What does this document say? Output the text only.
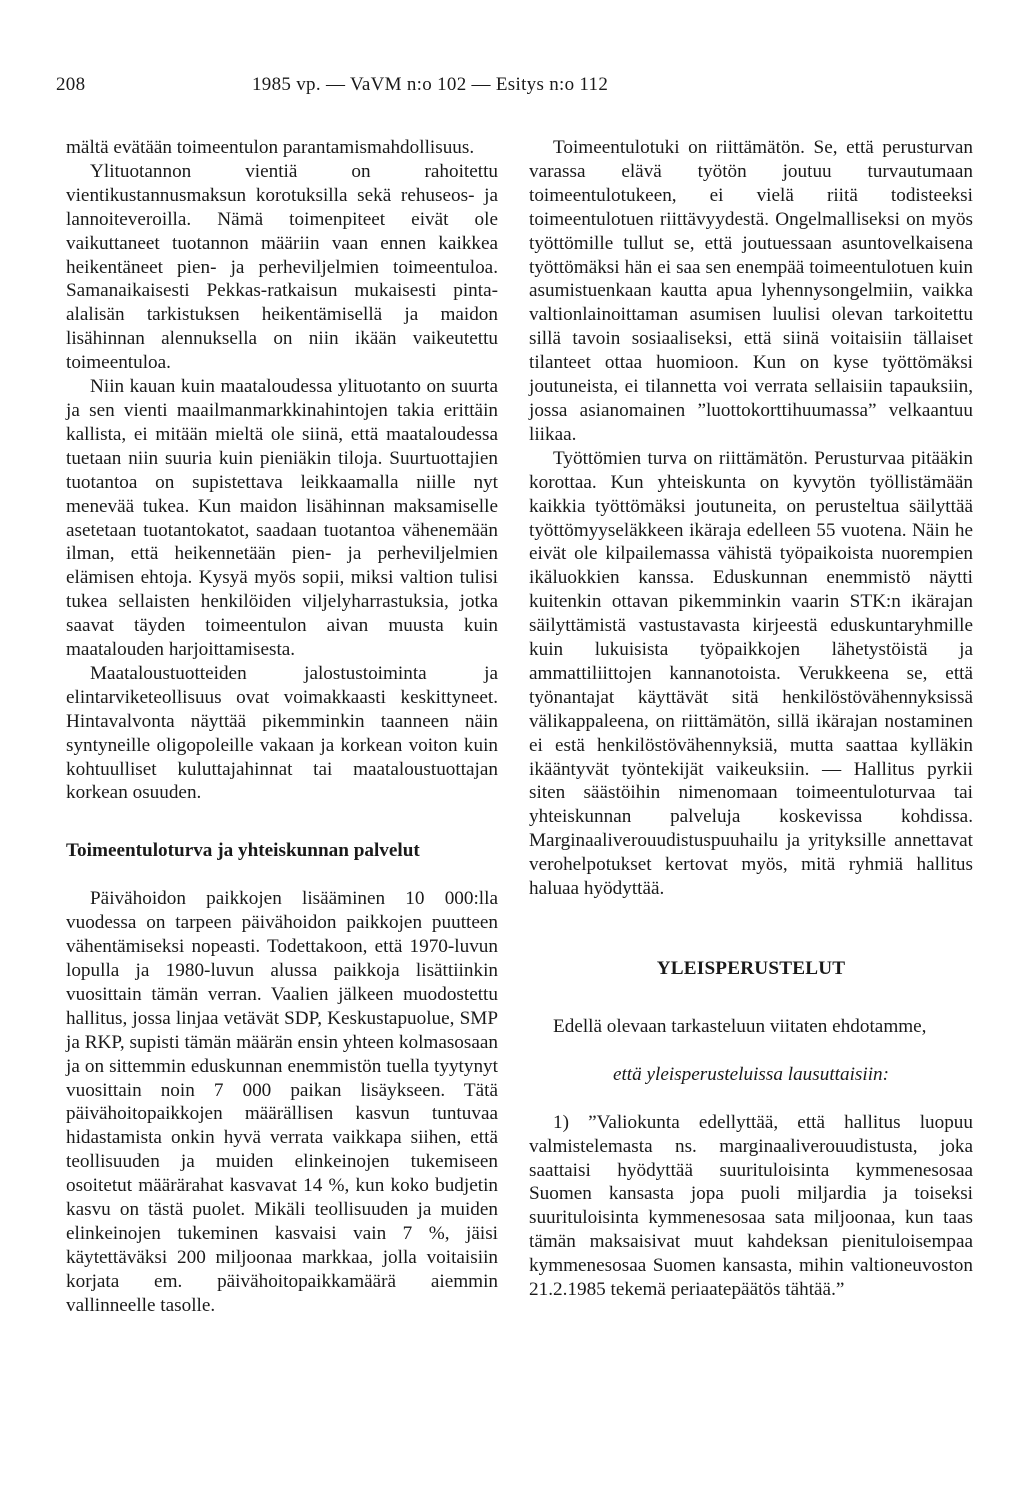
208	1985 vp. — VaVM n:o 102 — Esitys n:o 112

mältä evätään toimeentulon parantamismahdollisuus.

Ylituotannon vientiä on rahoitettu vientikustannusmaksun korotuksilla sekä rehuseos- ja lannoiteveroilla. Nämä toimenpiteet eivät ole vaikuttaneet tuotannon määriin vaan ennen kaikkea heikentäneet pien- ja perheviljelmien toimeentuloa. Samanaikaisesti Pekkas-ratkaisun mukaisesti pinta-alalisän tarkistuksen heikentämisellä ja maidon lisähinnan alennuksella on niin ikään vaikeutettu toimeentuloa.

Niin kauan kuin maataloudessa ylituotanto on suurta ja sen vienti maailmanmarkkinahintojen takia erittäin kallista, ei mitään mieltä ole siinä, että maataloudessa tuetaan niin suuria kuin pieniäkin tiloja. Suurtuottajien tuotantoa on supistettava leikkaamalla niille nyt menevää tukea. Kun maidon lisähinnan maksamiselle asetetaan tuotantokatot, saadaan tuotantoa vähenemään ilman, että heikennetään pien- ja perheviljelmien elämisen ehtoja. Kysyä myös sopii, miksi valtion tulisi tukea sellaisten henkilöiden viljelyharrastuksia, jotka saavat täyden toimeentulon aivan muusta kuin maatalouden harjoittamisesta.

Maataloustuotteiden jalostustoiminta ja elintarviketeollisuus ovat voimakkaasti keskittyneet. Hintavalvonta näyttää pikemminkin taanneen näin syntyneille oligopoleille vakaan ja korkean voiton kuin kohtuulliset kuluttajahinnat tai maataloustuottajan korkean osuuden.

Toimeentuloturva ja yhteiskunnan palvelut

Päivähoidon paikkojen lisääminen 10 000:lla vuodessa on tarpeen päivähoidon paikkojen puutteen vähentämiseksi nopeasti. Todettakoon, että 1970-luvun lopulla ja 1980-luvun alussa paikkoja lisättiinkin vuosittain tämän verran. Vaalien jälkeen muodostettu hallitus, jossa linjaa vetävät SDP, Keskustapuolue, SMP ja RKP, supisti tämän määrän ensin yhteen kolmasosaan ja on sittemmin eduskunnan enemmistön tuella tyytynyt vuosittain noin 7 000 paikan lisäykseen. Tätä päivähoitopaikkojen määrällisen kasvun tuntuvaa hidastamista onkin hyvä verrata vaikkapa siihen, että teollisuuden ja muiden elinkeinojen tukemiseen osoitetut määrärahat kasvavat 14 %, kun koko budjetin kasvu on tästä puolet. Mikäli teollisuuden ja muiden elinkeinojen tukeminen kasvaisi vain 7 %, jäisi käytettäväksi 200 miljoonaa markkaa, jolla voitaisiin korjata em. päivähoitopaikkamäärä aiemmin vallinneelle tasolle.

Toimeentulotuki on riittämätön. Se, että perusturvan varassa elävä työtön joutuu turvautumaan toimeentulotukeen, ei vielä riitä todisteeksi toimeentulotuen riittävyydestä. Ongelmalliseksi on myös työttömille tullut se, että joutuessaan asuntovelkaisena työttömäksi hän ei saa sen enempää toimeentulotuen kuin asumistuenkaan kautta apua lyhennysongelmiin, vaikka valtionlainoittaman asumisen luulisi olevan tarkoitettu sillä tavoin sosiaaliseksi, että siinä voitaisiin tällaiset tilanteet ottaa huomioon. Kun on kyse työttömäksi joutuneista, ei tilannetta voi verrata sellaisiin tapauksiin, jossa asianomainen ”luottokorttihuumassa” velkaantuu liikaa.

Työttömien turva on riittämätön. Perusturvaa pitääkin korottaa. Kun yhteiskunta on kyvytön työllistämään kaikkia työttömäksi joutuneita, on perusteltua säilyttää työttömyyseläkkeen ikäraja edelleen 55 vuotena. Näin he eivät ole kilpailemassa vähistä työpaikoista nuorempien ikäluokkien kanssa. Eduskunnan enemmistö näytti kuitenkin ottavan pikemminkin vaarin STK:n ikärajan säilyttämistä vastustavasta kirjeestä eduskuntaryhmille kuin lukuisista työpaikkojen lähetystöistä ja ammattiliittojen kannanotoista. Verukkeena se, että työnantajat käyttävät sitä henkilöstövähennyksissä välikappaleena, on riittämätön, sillä ikärajan nostaminen ei estä henkilöstövähennyksiä, mutta saattaa kylläkin ikääntyvät työntekijät vaikeuksiin. — Hallitus pyrkii siten säästöihin nimenomaan toimeentuloturvaa tai yhteiskunnan palveluja koskevissa kohdissa. Marginaaliverouudistuspuuhailu ja yrityksille annettavat verohelpotukset kertovat myös, mitä ryhmiä hallitus haluaa hyödyttää.

YLEISPERUSTELUT

Edellä olevaan tarkasteluun viitaten ehdotamme,

että yleisperusteluissa lausuttaisiin:

1) ”Valiokunta edellyttää, että hallitus luopuu valmistelemasta ns. marginaaliverouudistusta, joka saattaisi hyödyttää suurituloisinta kymmenesosaa Suomen kansasta jopa puoli miljardia ja toiseksi suurituloisinta kymmenesosaa sata miljoonaa, kun taas tämän maksaisivat muut kahdeksan pienituloisempaa kymmenesosaa Suomen kansasta, mihin valtioneuvoston 21.2.1985 tekemä periaatepäätös tähtää.”
